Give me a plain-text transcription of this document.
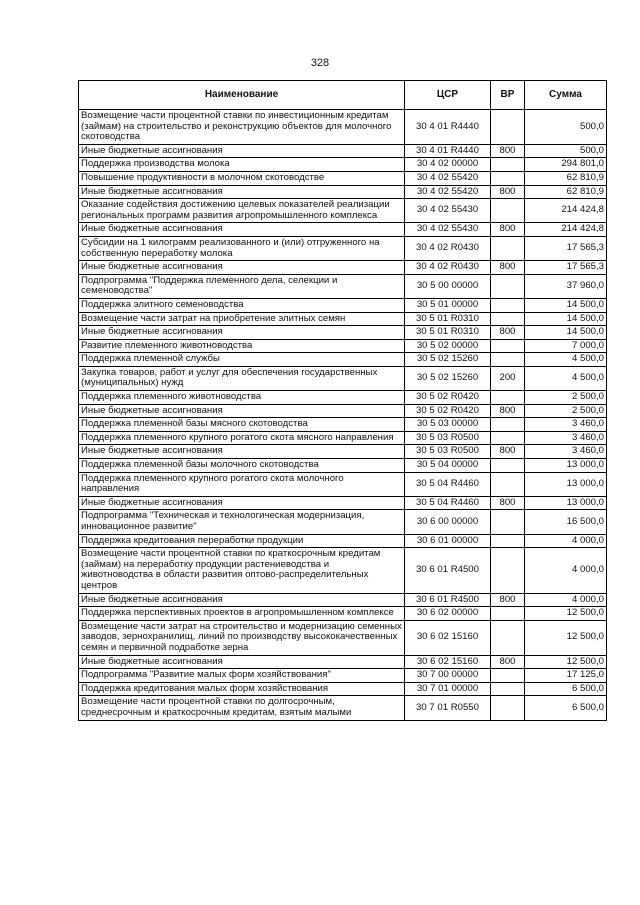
328
Наименование	ЦСР	ВР	Сумма
Возмещение части процентной ставки по инвестиционным кредитам (займам) на строительство и реконструкцию объектов для молочного скотоводства	30 4 01 R4440		500,0
Иные бюджетные ассигнования	30 4 01 R4440	800	500,0
Поддержка производства молока	30 4 02 00000		294 801,0
Повышение продуктивности в молочном скотоводстве	30 4 02 55420		62 810,9
Иные бюджетные ассигнования	30 4 02 55420	800	62 810,9
Оказание содействия достижению целевых показателей реализации региональных программ развития агропромышленного комплекса	30 4 02 55430		214 424,8
Иные бюджетные ассигнования	30 4 02 55430	800	214 424,8
Субсидии на 1 килограмм реализованного и (или) отгруженного на собственную переработку молока	30 4 02 R0430		17 565,3
Иные бюджетные ассигнования	30 4 02 R0430	800	17 565,3
Подпрограмма "Поддержка племенного дела, селекции и семеноводства"	30 5 00 00000		37 960,0
Поддержка элитного семеноводства	30 5 01 00000		14 500,0
Возмещение части затрат на приобретение элитных семян	30 5 01 R0310		14 500,0
Иные бюджетные ассигнования	30 5 01 R0310	800	14 500,0
Развитие племенного животноводства	30 5 02 00000		7 000,0
Поддержка племенной службы	30 5 02 15260		4 500,0
Закупка товаров, работ и услуг для обеспечения государственных (муниципальных) нужд	30 5 02 15260	200	4 500,0
Поддержка племенного животноводства	30 5 02 R0420		2 500,0
Иные бюджетные ассигнования	30 5 02 R0420	800	2 500,0
Поддержка племенной базы мясного скотоводства	30 5 03 00000		3 460,0
Поддержка племенного крупного рогатого скота мясного направления	30 5 03 R0500		3 460,0
Иные бюджетные ассигнования	30 5 03 R0500	800	3 460,0
Поддержка племенной базы молочного скотоводства	30 5 04 00000		13 000,0
Поддержка племенного крупного рогатого скота молочного направления	30 5 04 R4460		13 000,0
Иные бюджетные ассигнования	30 5 04 R4460	800	13 000,0
Подпрограмма "Техническая и технологическая модернизация, инновационное развитие"	30 6 00 00000		16 500,0
Поддержка кредитования переработки продукции	30 6 01 00000		4 000,0
Возмещение части процентной ставки по краткосрочным кредитам (займам) на переработку продукции растениеводства и животноводства в области развития оптово-распределительных центров	30 6 01 R4500		4 000,0
Иные бюджетные ассигнования	30 6 01 R4500	800	4 000,0
Поддержка перспективных проектов в агропромышленном комплексе	30 6 02 00000		12 500,0
Возмещение части затрат на строительство и модернизацию семенных заводов, зернохранилищ, линий по производству высококачественных семян и первичной подработке зерна	30 6 02 15160		12 500,0
Иные бюджетные ассигнования	30 6 02 15160	800	12 500,0
Подпрограмма "Развитие малых форм хозяйствования"	30 7 00 00000		17 125,0
Поддержка кредитования малых форм хозяйствования	30 7 01 00000		6 500,0
Возмещение части процентной ставки по долгосрочным, среднесрочным и краткосрочным кредитам, взятым малыми	30 7 01 R0550		6 500,0
